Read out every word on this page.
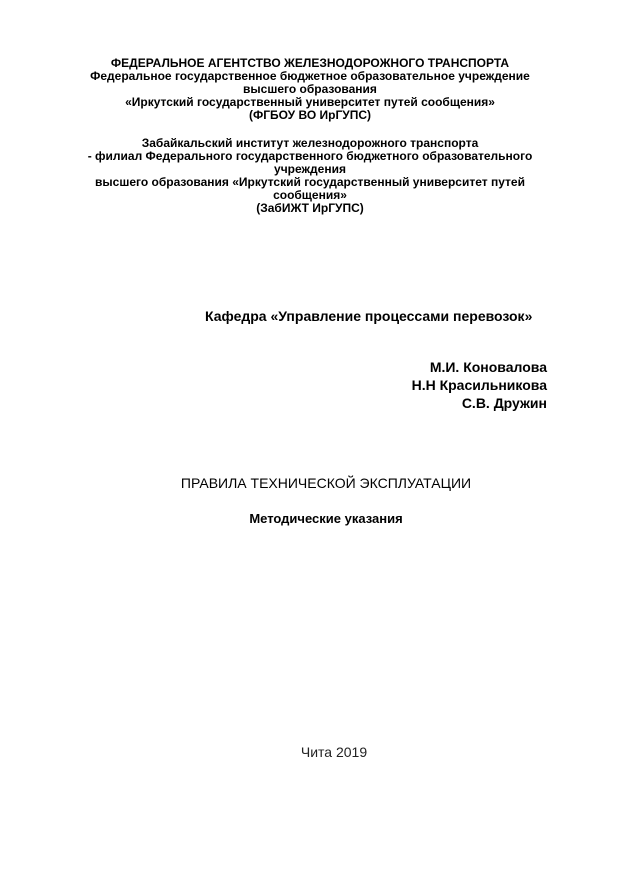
ФЕДЕРАЛЬНОЕ АГЕНТСТВО ЖЕЛЕЗНОДОРОЖНОГО ТРАНСПОРТА
Федеральное государственное бюджетное образовательное учреждение
высшего образования
«Иркутский государственный университет путей сообщения»
(ФГБОУ ВО ИрГУПС)
Забайкальский институт железнодорожного транспорта
- филиал Федерального государственного бюджетного образовательного
учреждения
высшего образования «Иркутский государственный университет путей
сообщения»
(ЗабИЖТ ИрГУПС)
Кафедра «Управление процессами перевозок»
М.И. Коновалова
Н.Н Красильникова
С.В. Дружин
ПРАВИЛА ТЕХНИЧЕСКОЙ ЭКСПЛУАТАЦИИ
Методические указания
Чита 2019
